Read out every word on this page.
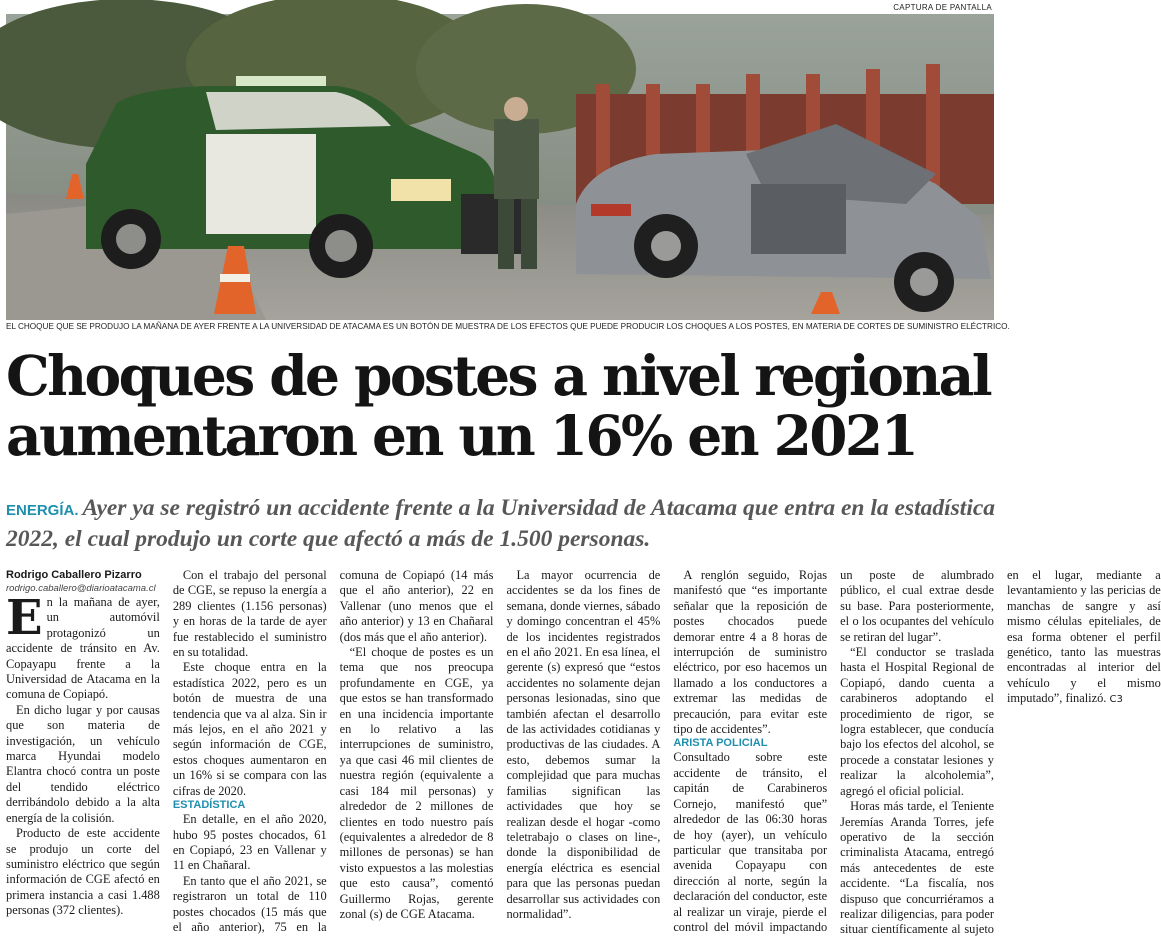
CAPTURA DE PANTALLA
EL CHOQUE QUE SE PRODUJO LA MAÑANA DE AYER FRENTE A LA UNIVERSIDAD DE ATACAMA ES UN BOTÓN DE MUESTRA DE LOS EFECTOS QUE PUEDE PRODUCIR LOS CHOQUES A LOS POSTES, EN MATERIA DE CORTES DE SUMINISTRO ELÉCTRICO.
Choques de postes a nivel regional aumentaron en un 16% en 2021

ENERGÍA. Ayer ya se registró un accidente frente a la Universidad de Atacama que entra en la estadística 2022, el cual produjo un corte que afectó a más de 1.500 personas.

Rodrigo Caballero Pizarro

rodrigo.caballero@diarioatacama.cl

En la mañana de ayer, un automóvil protagonizó un accidente de tránsito en Av. Copayapu frente a la Universidad de Atacama en la comuna de Copiapó.

En dicho lugar y por causas que son materia de investigación, un vehículo marca Hyundai modelo Elantra chocó contra un poste del tendido eléctrico derribándolo debido a la alta energía de la colisión.

Producto de este accidente se produjo un corte del suministro eléctrico que según información de CGE afectó en primera instancia a casi 1.488 personas (372 clientes).

Con el trabajo del personal de CGE, se repuso la energía a 289 clientes (1.156 personas) y en horas de la tarde de ayer fue restablecido el suministro en su totalidad.

Este choque entra en la estadística 2022, pero es un botón de muestra de una tendencia que va al alza. Sin ir más lejos, en el año 2021 y según información de CGE, estos choques aumentaron en un 16% si se compara con las cifras de 2020.

ESTADÍSTICA

En detalle, en el año 2020, hubo 95 postes chocados, 61 en Copiapó, 23 en Vallenar y 11 en Chañaral.

En tanto que el año 2021, se registraron un total de 110 postes chocados (15 más que el año anterior), 75 en la comuna de Copiapó (14 más que el año anterior), 22 en Vallenar (uno menos que el año anterior) y 13 en Chañaral (dos más que el año anterior).

“El choque de postes es un tema que nos preocupa profundamente en CGE, ya que estos se han transformado en una incidencia importante en lo relativo a las interrupciones de suministro, ya que casi 46 mil clientes de nuestra región (equivalente a casi 184 mil personas) y alrededor de 2 millones de clientes en todo nuestro país (equivalentes a alrededor de 8 millones de personas) se han visto expuestos a las molestias que esto causa”, comentó Guillermo Rojas, gerente zonal (s) de CGE Atacama.

La mayor ocurrencia de accidentes se da los fines de semana, donde viernes, sábado y domingo concentran el 45% de los incidentes registrados en el año 2021. En esa línea, el gerente (s) expresó que “estos accidentes no solamente dejan personas lesionadas, sino que también afectan el desarrollo de las actividades cotidianas y productivas de las ciudades. A esto, debemos sumar la complejidad que para muchas familias significan las actividades que hoy se realizan desde el hogar -como teletrabajo o clases on line-, donde la disponibilidad de energía eléctrica es esencial para que las personas puedan desarrollar sus actividades con normalidad”.

A renglón seguido, Rojas manifestó que “es importante señalar que la reposición de postes chocados puede demorar entre 4 a 8 horas de interrupción de suministro eléctrico, por eso hacemos un llamado a los conductores a extremar las medidas de precaución, para evitar este tipo de accidentes”.

ARISTA POLICIAL

Consultado sobre este accidente de tránsito, el capitán de Carabineros Cornejo, manifestó que” alrededor de las 06:30 horas de hoy (ayer), un vehículo particular que transitaba por avenida Copayapu con dirección al norte, según la declaración del conductor, este al realizar un viraje, pierde el control del móvil impactando un poste de alumbrado público, el cual extrae desde su base. Para posteriormente, el o los ocupantes del vehículo se retiran del lugar”.

“El conductor se traslada hasta el Hospital Regional de Copiapó, dando cuenta a carabineros adoptando el procedimiento de rigor, se logra establecer, que conducía bajo los efectos del alcohol, se procede a constatar lesiones y realizar la alcoholemia”, agregó el oficial policial.

Horas más tarde, el Teniente Jeremías Aranda Torres, jefe operativo de la sección criminalista Atacama, entregó más antecedentes de este accidente. “La fiscalía, nos dispuso que concurriéramos a realizar diligencias, para poder situar científicamente al sujeto en el lugar, mediante a levantamiento y las pericias de manchas de sangre y así mismo células epiteliales, de esa forma obtener el perfil genético, tanto las muestras encontradas al interior del vehículo y el mismo imputado”, finalizó. C3
